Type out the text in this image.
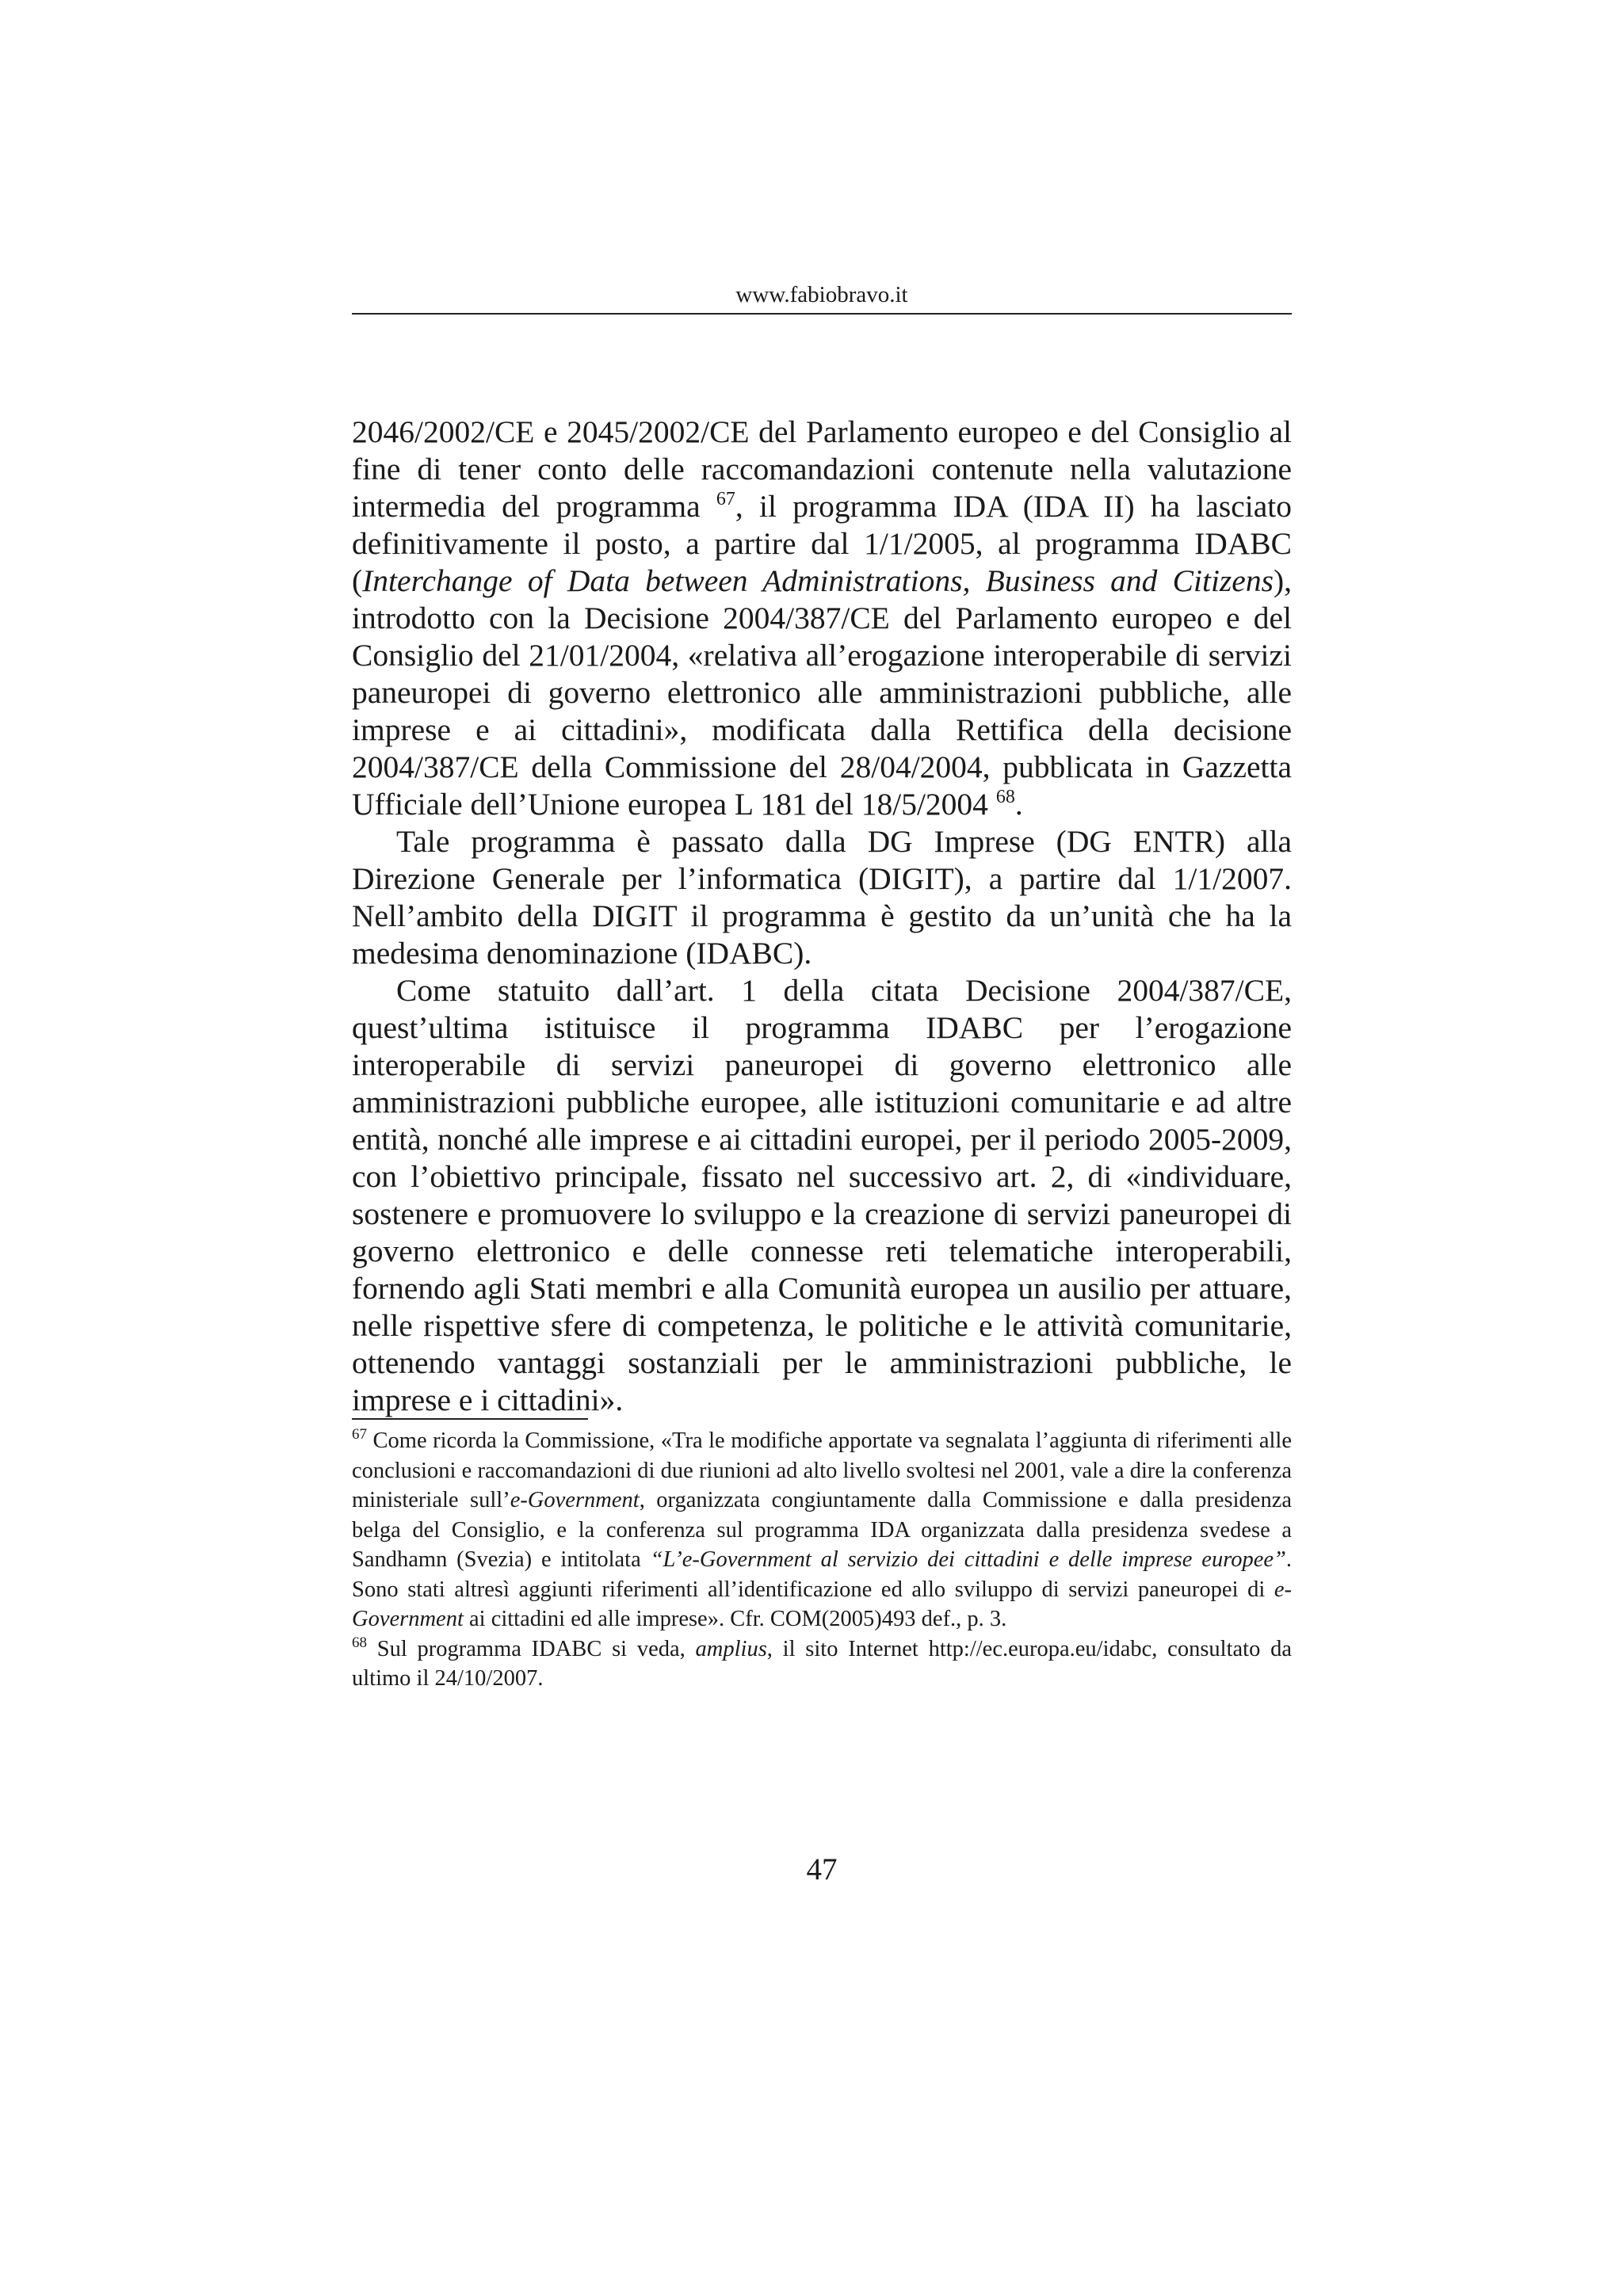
www.fabiobravo.it

2046/2002/CE e 2045/2002/CE del Parlamento europeo e del Consiglio al fine di tener conto delle raccomandazioni contenute nella valutazione intermedia del programma $^{67}$, il programma IDA (IDA II) ha lasciato definitivamente il posto, a partire dal 1/1/2005, al programma IDABC (Interchange of Data between Administrations, Business and Citizens), introdotto con la Decisione 2004/387/CE del Parlamento europeo e del Consiglio del 21/01/2004, «relativa all’erogazione interoperabile di servizi paneuropei di governo elettronico alle amministrazioni pubbliche, alle imprese e ai cittadini», modificata dalla Rettifica della decisione 2004/387/CE della Commissione del 28/04/2004, pubblicata in Gazzetta Ufficiale dell’Unione europea L 181 del 18/5/2004 $^{68}$.

Tale programma è passato dalla DG Imprese (DG ENTR) alla Direzione Generale per l’informatica (DIGIT), a partire dal 1/1/2007. Nell’ambito della DIGIT il programma è gestito da un’unità che ha la medesima denominazione (IDABC).

Come statuito dall’art. 1 della citata Decisione 2004/387/CE, quest’ultima istituisce il programma IDABC per l’erogazione interoperabile di servizi paneuropei di governo elettronico alle amministrazioni pubbliche europee, alle istituzioni comunitarie e ad altre entità, nonché alle imprese e ai cittadini europei, per il periodo 2005-2009, con l’obiettivo principale, fissato nel successivo art. 2, di «individuare, sostenere e promuovere lo sviluppo e la creazione di servizi paneuropei di governo elettronico e delle connesse reti telematiche interoperabili, fornendo agli Stati membri e alla Comunità europea un ausilio per attuare, nelle rispettive sfere di competenza, le politiche e le attività comunitarie, ottenendo vantaggi sostanziali per le amministrazioni pubbliche, le imprese e i cittadini».

$^{67}$ Come ricorda la Commissione, «Tra le modifiche apportate va segnalata l’aggiunta di riferimenti alle conclusioni e raccomandazioni di due riunioni ad alto livello svoltesi nel 2001, vale a dire la conferenza ministeriale sull’e-Government, organizzata congiuntamente dalla Commissione e dalla presidenza belga del Consiglio, e la conferenza sul programma IDA organizzata dalla presidenza svedese a Sandhamn (Svezia) e intitolata “L’e-Government al servizio dei cittadini e delle imprese europee”. Sono stati altresì aggiunti riferimenti all’identificazione ed allo sviluppo di servizi paneuropei di e-Government ai cittadini ed alle imprese». Cfr. COM(2005)493 def., p. 3.

$^{68}$ Sul programma IDABC si veda, amplius, il sito Internet http://ec.europa.eu/idabc, consultato da ultimo il 24/10/2007.

47
